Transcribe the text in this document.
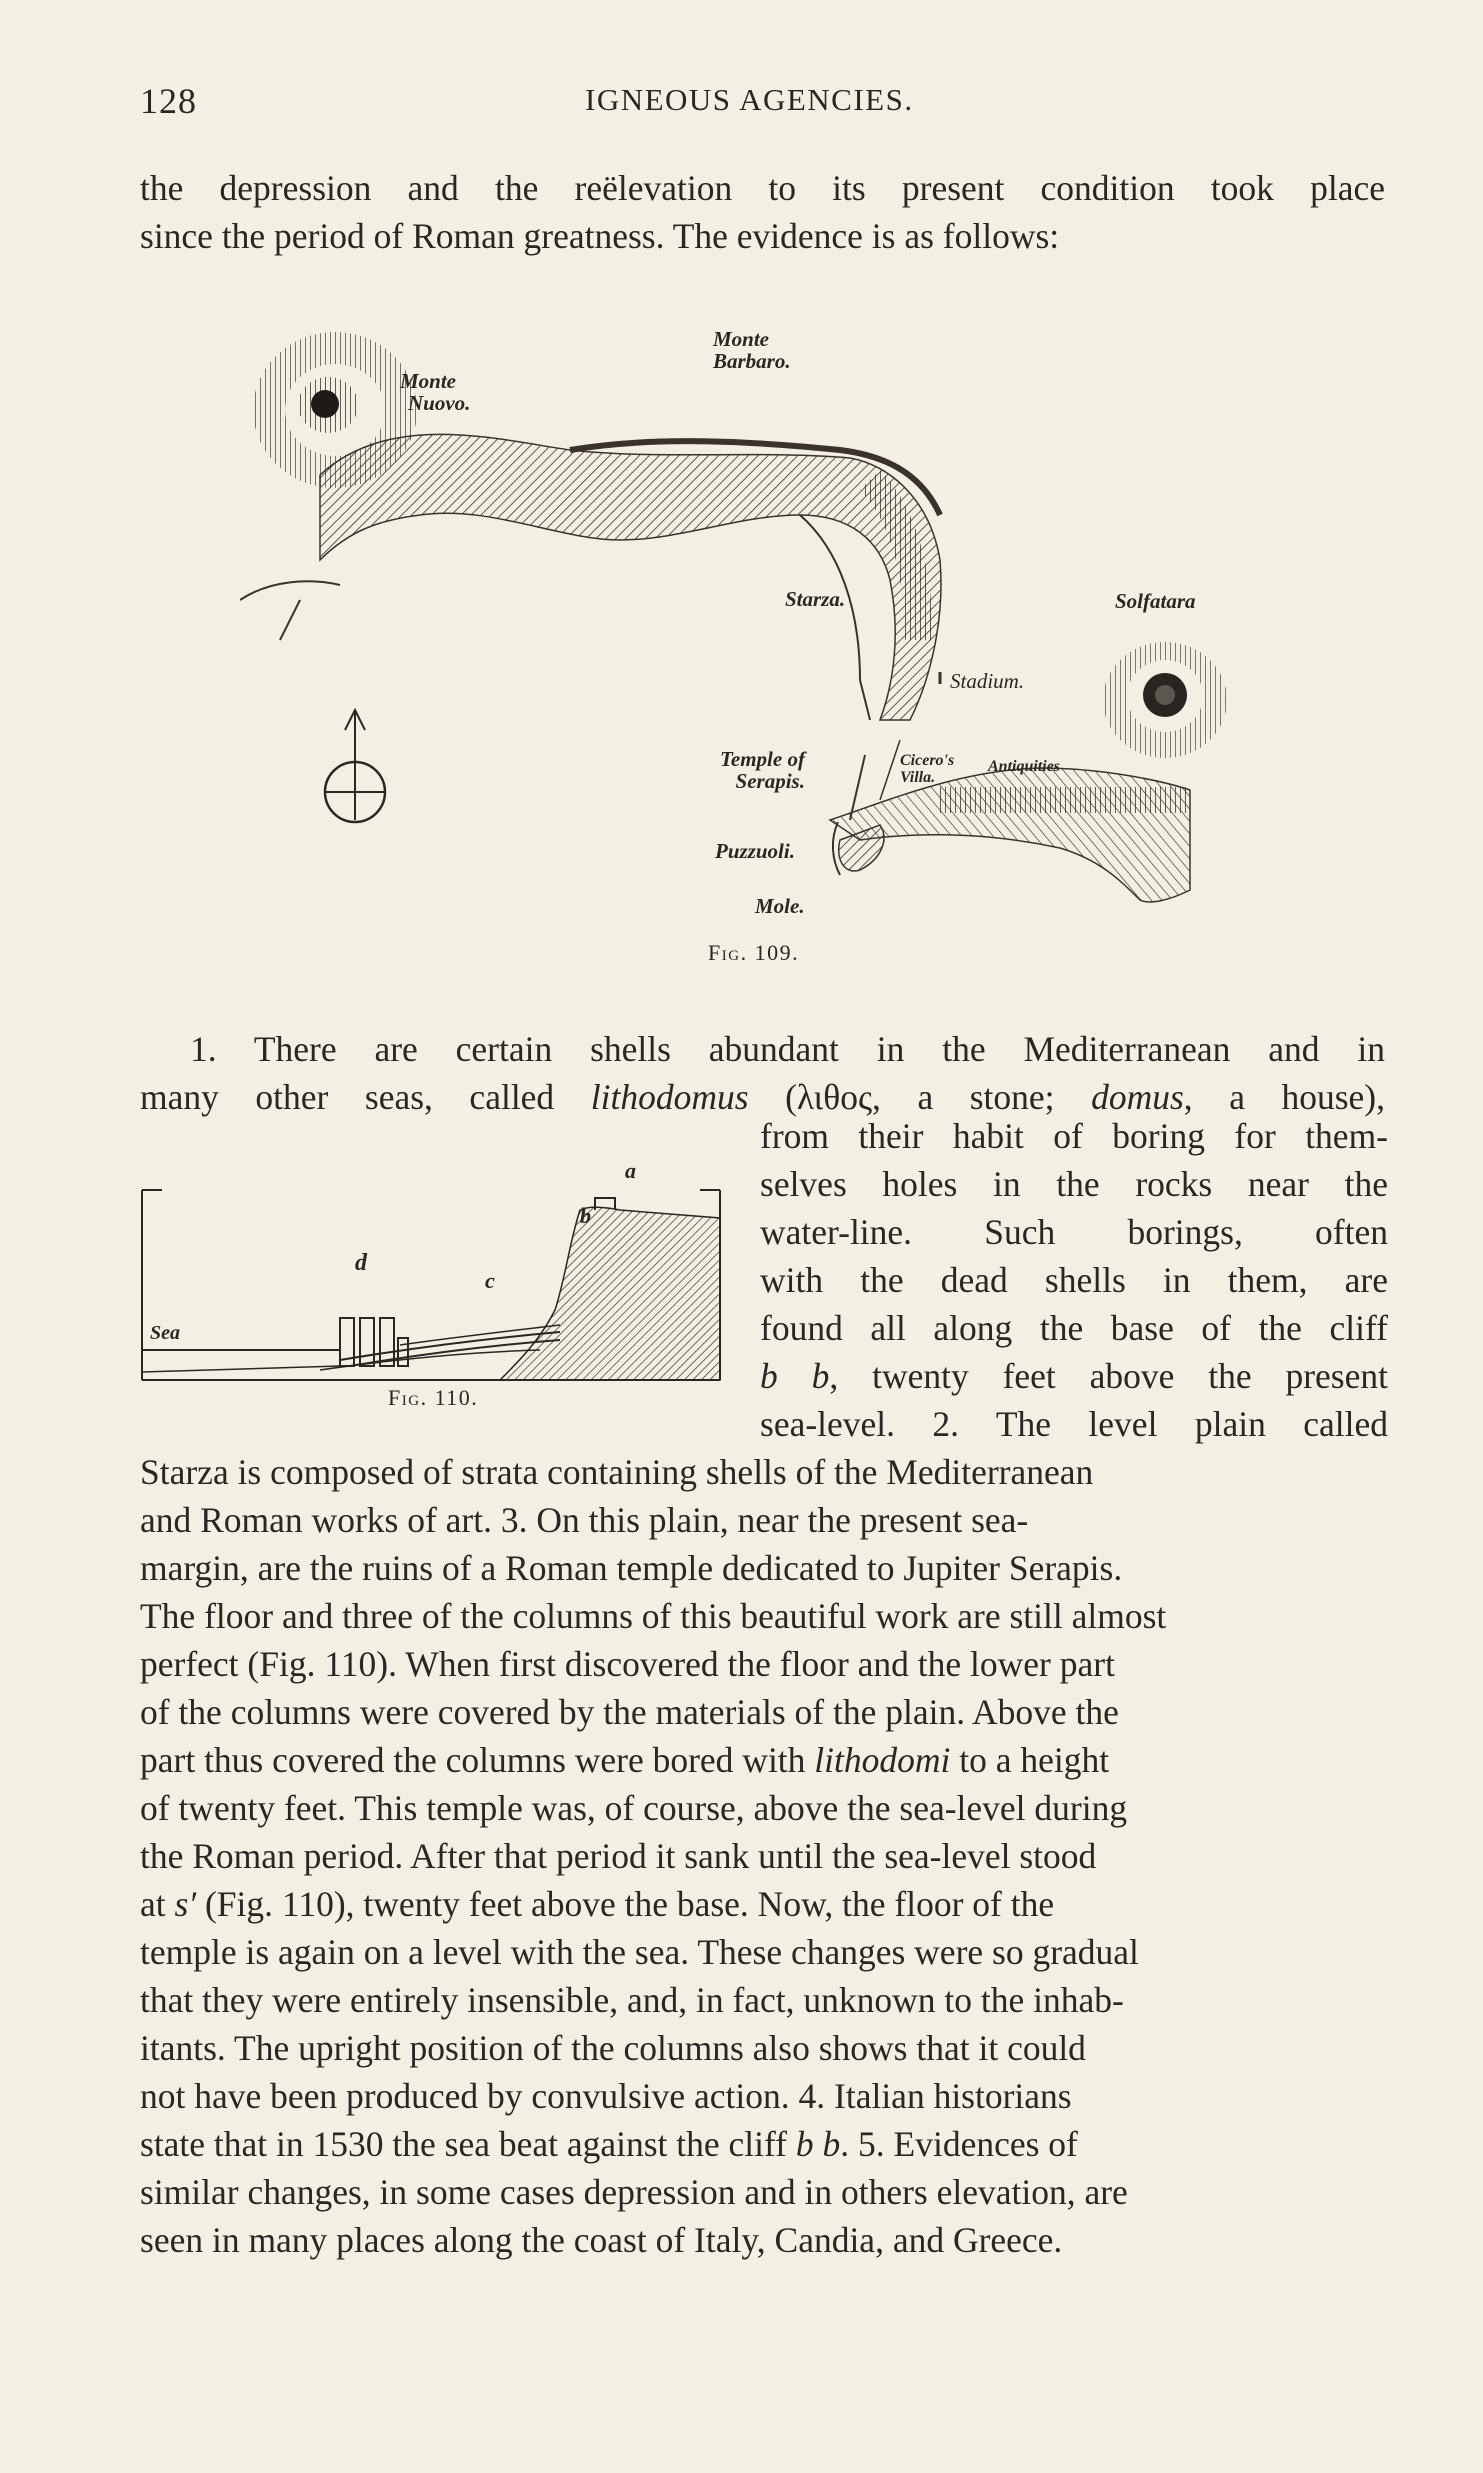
128	IGNEOUS AGENCIES.
the depression and the reëlevation to its present condition took place
since the period of Roman greatness. The evidence is as follows:
Monte
Barbaro.
Monte
Nuovo.
Solfatara
Starza.
Stadium.
Temple of
Serapis.
Cicero's
Villa.
Antiquities
Puzzuoli.
Mole.
Fig. 109.
a
b
c
d
Sea
Fig. 110.
from their habit of boring for them-
selves holes in the rocks near the
water-line. Such borings, often
with the dead shells in them, are
found all along the base of the cliff
b b, twenty feet above the present
sea-level. 2. The level plain called
1. There are certain shells abundant in the Mediterranean and in
many other seas, called lithodomus (λιθος, a stone; domus, a house),
Starza is composed of strata containing shells of the Mediterranean
and Roman works of art. 3. On this plain, near the present sea-
margin, are the ruins of a Roman temple dedicated to Jupiter Serapis.
The floor and three of the columns of this beautiful work are still almost
perfect (Fig. 110). When first discovered the floor and the lower part
of the columns were covered by the materials of the plain. Above the
part thus covered the columns were bored with lithodomi to a height
of twenty feet. This temple was, of course, above the sea-level during
the Roman period. After that period it sank until the sea-level stood
at s′ (Fig. 110), twenty feet above the base. Now, the floor of the
temple is again on a level with the sea. These changes were so gradual
that they were entirely insensible, and, in fact, unknown to the inhab-
itants. The upright position of the columns also shows that it could
not have been produced by convulsive action. 4. Italian historians
state that in 1530 the sea beat against the cliff b b. 5. Evidences of
similar changes, in some cases depression and in others elevation, are
seen in many places along the coast of Italy, Candia, and Greece.
